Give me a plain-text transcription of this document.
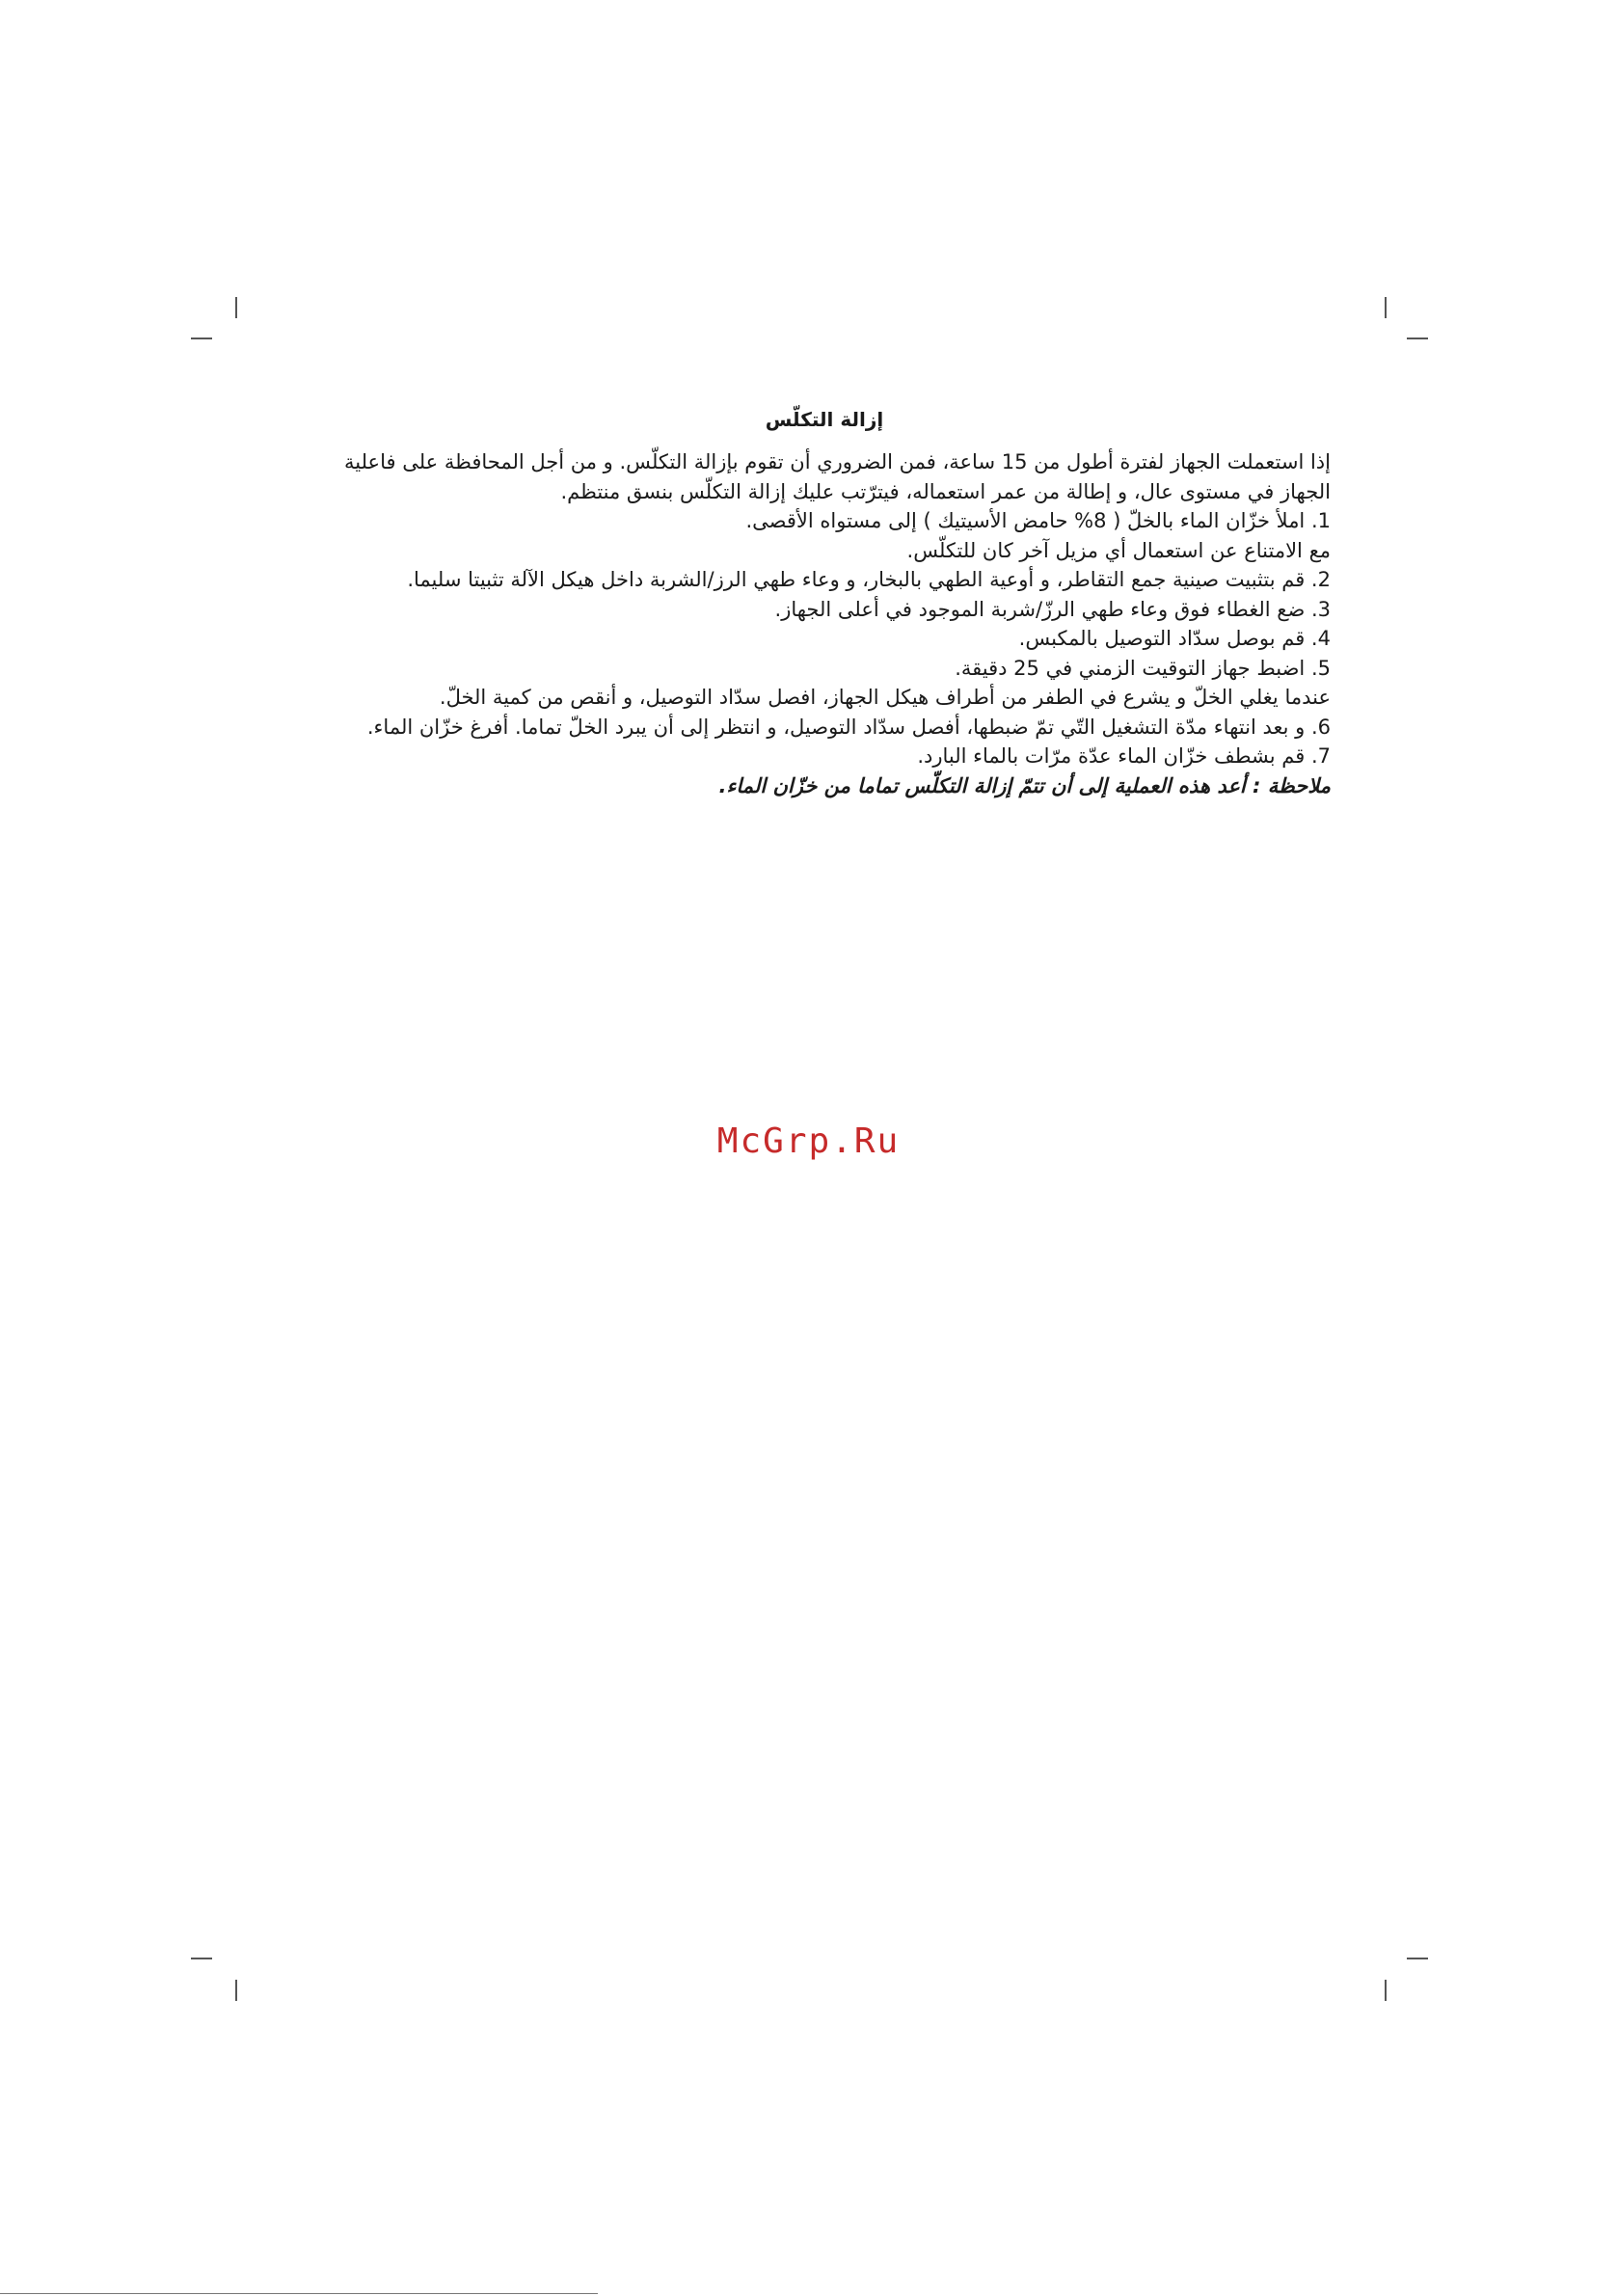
إزالة التكلّس
إذا استعملت الجهاز لفترة أطول من 15 ساعة، فمن الضروري أن تقوم بإزالة التكلّس. و من أجل المحافظة على فاعلية
الجهاز في مستوى عال، و إطالة من عمر استعماله، فيترّتب عليك إزالة التكلّس بنسق منتظم.
1. املأ خزّان الماء بالخلّ ( 8% حامض الأسيتيك ) إلى مستواه الأقصى.
مع الامتناع عن استعمال أي مزيل آخر كان للتكلّس.
2. قم بتثبيت صينية جمع التقاطر، و أوعية الطهي بالبخار، و وعاء طهي الرز/الشربة داخل هيكل الآلة تثبيتا سليما.
3. ضع الغطاء فوق وعاء طهي الرزّ/شربة الموجود في أعلى الجهاز.
4. قم بوصل سدّاد التوصيل بالمكبس.
5. اضبط جهاز التوقيت الزمني في 25 دقيقة.
عندما يغلي الخلّ و يشرع في الطفر من أطراف هيكل الجهاز، افصل سدّاد التوصيل، و أنقص من كمية الخلّ.
6. و بعد انتهاء مدّة التشغيل التّي تمّ ضبطها، أفصل سدّاد التوصيل، و انتظر إلى أن يبرد الخلّ تماما. أفرغ خزّان الماء.
7. قم بشطف خزّان الماء عدّة مرّات بالماء البارد.
ملاحظة : أعد هذه العملية إلى أن تتمّ إزالة التكلّس تماما من خزّان الماء.
McGrp.Ru
